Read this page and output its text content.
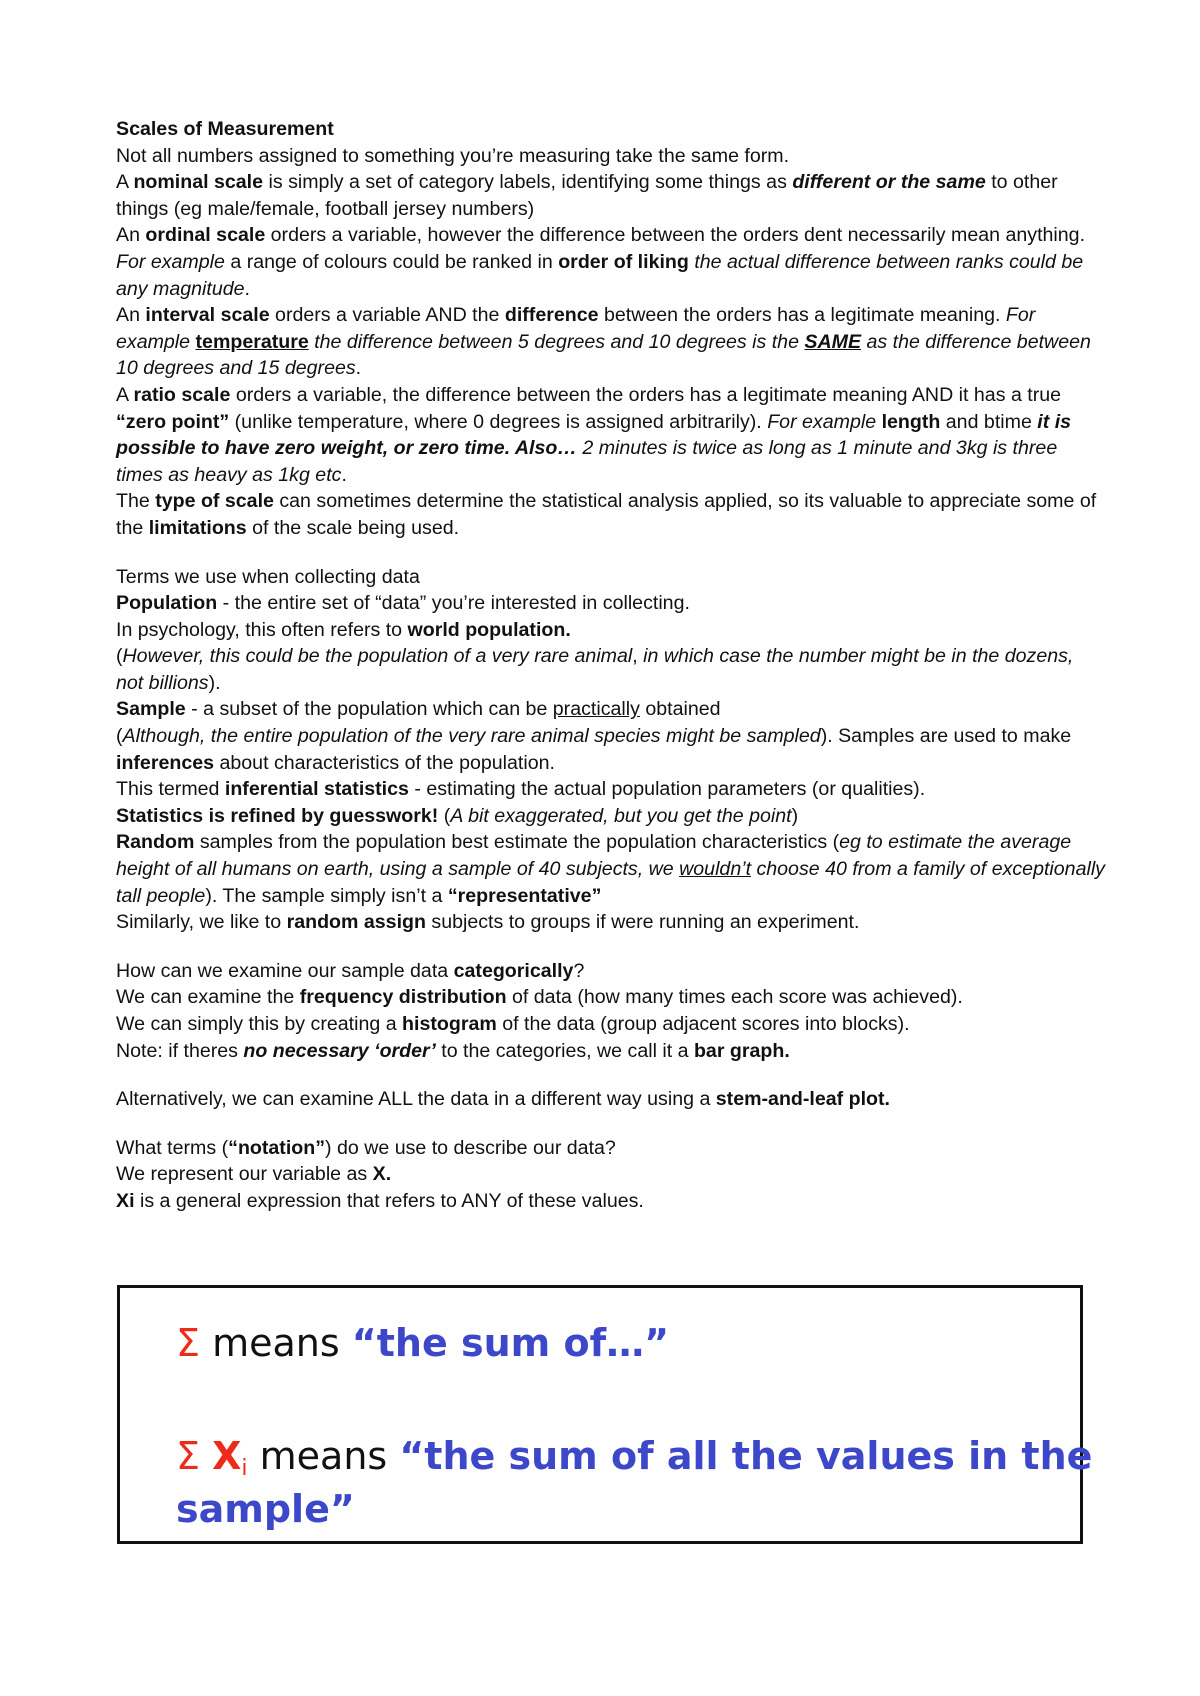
Scales of Measurement

Not all numbers assigned to something you’re measuring take the same form.

A nominal scale is simply a set of category labels, identifying some things as different or the same to other things (eg male/female, football jersey numbers)

An ordinal scale orders a variable, however the difference between the orders dent necessarily mean anything. For example a range of colours could be ranked in order of liking the actual difference between ranks could be any magnitude.

An interval scale orders a variable AND the difference between the orders has a legitimate meaning. For example temperature the difference between 5 degrees and 10 degrees is the SAME as the difference between 10 degrees and 15 degrees.

A ratio scale orders a variable, the difference between the orders has a legitimate meaning AND it has a true “zero point” (unlike temperature, where 0 degrees is assigned arbitrarily). For example length and btime it is possible to have zero weight, or zero time. Also… 2 minutes is twice as long as 1 minute and 3kg is three times as heavy as 1kg etc.

The type of scale can sometimes determine the statistical analysis applied, so its valuable to appreciate some of the limitations of the scale being used.

Terms we use when collecting data

Population - the entire set of “data” you’re interested in collecting.

In psychology, this often refers to world population.

(However, this could be the population of a very rare animal, in which case the number might be in the dozens, not billions).

Sample - a subset of the population which can be practically obtained

(Although, the entire population of the very rare animal species might be sampled). Samples are used to make inferences about characteristics of the population.

This termed inferential statistics - estimating the actual population parameters (or qualities).

Statistics is refined by guesswork! (A bit exaggerated, but you get the point)

Random samples from the population best estimate the population characteristics (eg to estimate the average height of all humans on earth, using a sample of 40 subjects, we wouldn’t choose 40 from a family of exceptionally tall people). The sample simply isn’t a “representative”

Similarly, we like to random assign subjects to groups if were running an experiment.

How can we examine our sample data categorically?

We can examine the frequency distribution of data (how many times each score was achieved).

We can simply this by creating a histogram of the data (group adjacent scores into blocks).

Note: if theres no necessary ‘order’ to the categories, we call it a bar graph.

Alternatively, we can examine ALL the data in a different way using a stem-and-leaf plot.

What terms (“notation”) do we use to describe our data?

We represent our variable as X.

Xi is a general expression that refers to ANY of these values.

Σ means “the sum of…”
Σ $X_i$ means “the sum of all the values in the
sample”
